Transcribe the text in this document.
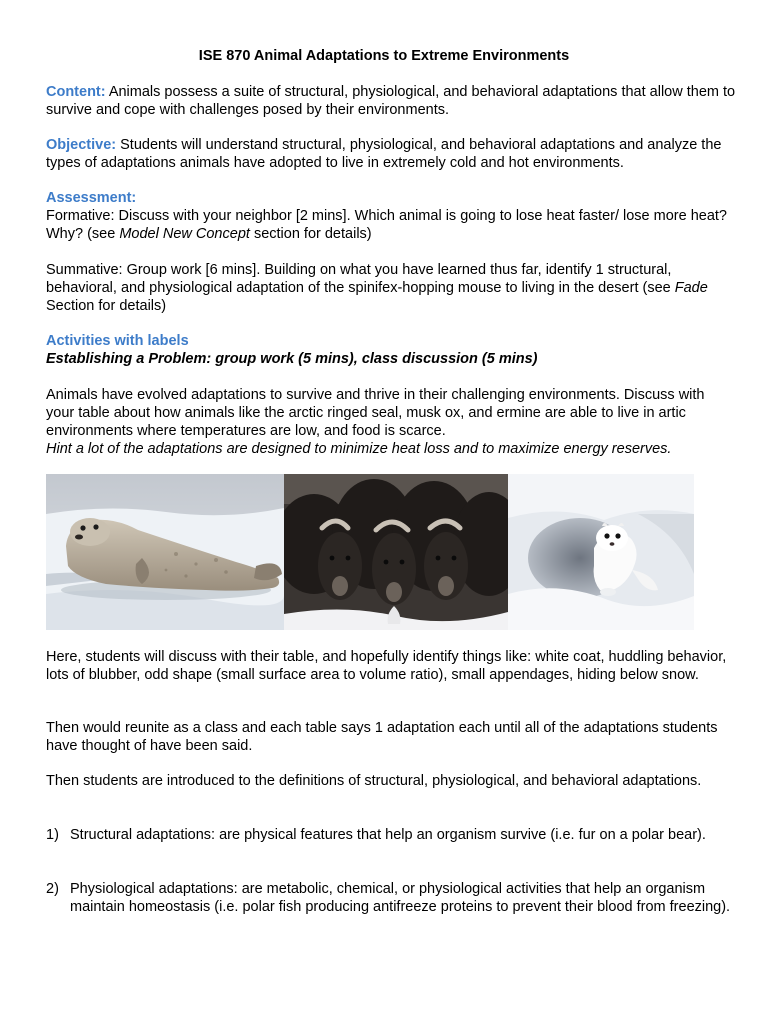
ISE 870 Animal Adaptations to Extreme Environments

Content: Animals possess a suite of structural, physiological, and behavioral adaptations that allow them to survive and cope with challenges posed by their environments.

Objective: Students will understand structural, physiological, and behavioral adaptations and analyze the types of adaptations animals have adopted to live in extremely cold and hot environments.

Assessment:

Formative: Discuss with your neighbor [2 mins]. Which animal is going to lose heat faster/ lose more heat? Why? (see Model New Concept section for details)

Summative: Group work [6 mins]. Building on what you have learned thus far, identify 1 structural, behavioral, and physiological adaptation of the spinifex-hopping mouse to living in the desert (see Fade Section for details)

Activities with labels
Establishing a Problem: group work (5 mins), class discussion (5 mins)

Animals have evolved adaptations to survive and thrive in their challenging environments. Discuss with your table about how animals like the arctic ringed seal, musk ox, and ermine are able to live in artic environments where temperatures are low, and food is scarce.
Hint a lot of the adaptations are designed to minimize heat loss and to maximize energy reserves.

Here, students will discuss with their table, and hopefully identify things like: white coat, huddling behavior, lots of blubber, odd shape (small surface area to volume ratio), small appendages, hiding below snow.

Then would reunite as a class and each table says 1 adaptation each until all of the adaptations students have thought of have been said.

Then students are introduced to the definitions of structural, physiological, and behavioral adaptations.

1) Structural adaptations: are physical features that help an organism survive (i.e. fur on a polar bear).

2) Physiological adaptations: are metabolic, chemical, or physiological activities that help an organism maintain homeostasis (i.e. polar fish producing antifreeze proteins to prevent their blood from freezing).
